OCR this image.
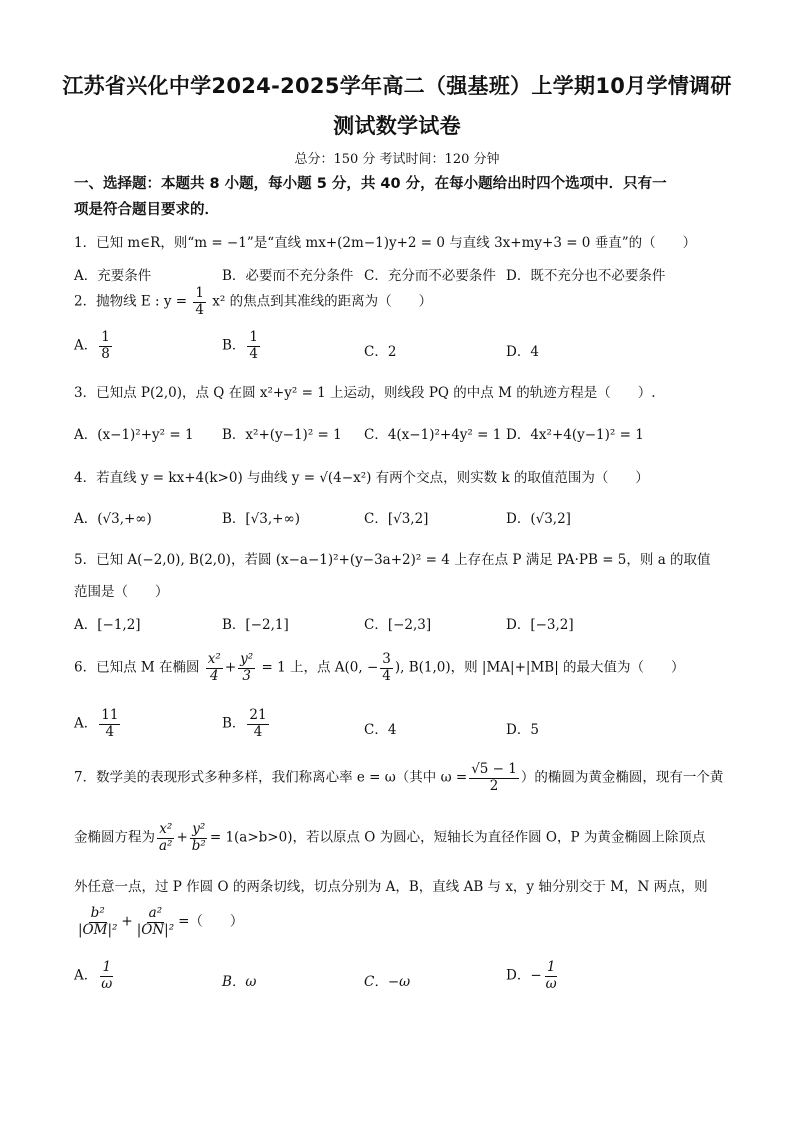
江苏省兴化中学2024-2025学年高二（强基班）上学期10月学情调研
测试数学试卷
总分：150 分 考试时间：120 分钟
一、选择题：本题共 8 小题，每小题 5 分，共 40 分，在每小题给出时四个选项中．只有一
项是符合题目要求的．
1．已知 m∈R，则“m = −1”是“直线 mx+(2m−1)y+2 = 0 与直线 3x+my+3 = 0 垂直”的（　　）
A．充要条件	B．必要而不充分条件 C．充分而不必要条件 D．既不充分也不必要条件
2．抛物线 E : $y = \frac{1}{4} x^2$ 的焦点到其准线的距离为（　　）
A． $\frac{1}{8}$	B． $\frac{1}{4}$	C．2	D．4
3．已知点 P(2,0)，点 Q 在圆 x²+y² = 1 上运动，则线段 PQ 的中点 M 的轨迹方程是（　　）.
A．(x−1)²+y² = 1 B．x²+(y−1)² = 1 C．4(x−1)²+4y² = 1 D．4x²+4(y−1)² = 1
4．若直线 y = kx+4(k>0) 与曲线 y = √(4−x²) 有两个交点，则实数 k 的取值范围为（　　）
A．(√3,+∞)	B．[√3,+∞)	C．[√3,2]	D．(√3,2]
5．已知 A(−2,0), B(2,0)，若圆 (x−a−1)²+(y−3a+2)² = 4 上存在点 P 满足 PA·PB = 5，则 a 的取值
范围是（　　）
A．[−1,2]	B．[−2,1]	C．[−2,3]	D．[−3,2]
6．已知点 M 在椭圆 $\frac{\text{x²}}{4} + \frac{\text{y²}}{3} = 1$ 上，点 A(0, − $\frac{3}{4}$ ), B(1,0)，则 |MA|+|MB| 的最大值为（　　）
A． $\frac{11}{4}$	B． $\frac{21}{4}$	C．4	D．5
7．数学美的表现形式多种多样，我们称离心率 e = ω（其中 $\omega = \frac{√5 - 1}{2}$ ）的椭圆为黄金椭圆，现有一个黄
金椭圆方程为 $\frac{\text{x²}}{\text{a²}} + \frac{\text{y²}}{\text{b²}} = 1(a>b>0)$，若以原点 O 为圆心，短轴长为直径作圆 O，P 为黄金椭圆上除顶点
外任意一点，过 P 作圆 O 的两条切线，切点分别为 A，B，直线 AB 与 x，y 轴分别交于 M，N 两点，则
$\frac{\text{b²}}{\text{|OM|²}} + \frac{\text{a²}}{\text{|ON|²}}$ =（　　）
A． $\frac{1}{\omega}$	B．ω	C．−ω	D．− $\frac{1}{\omega}$
